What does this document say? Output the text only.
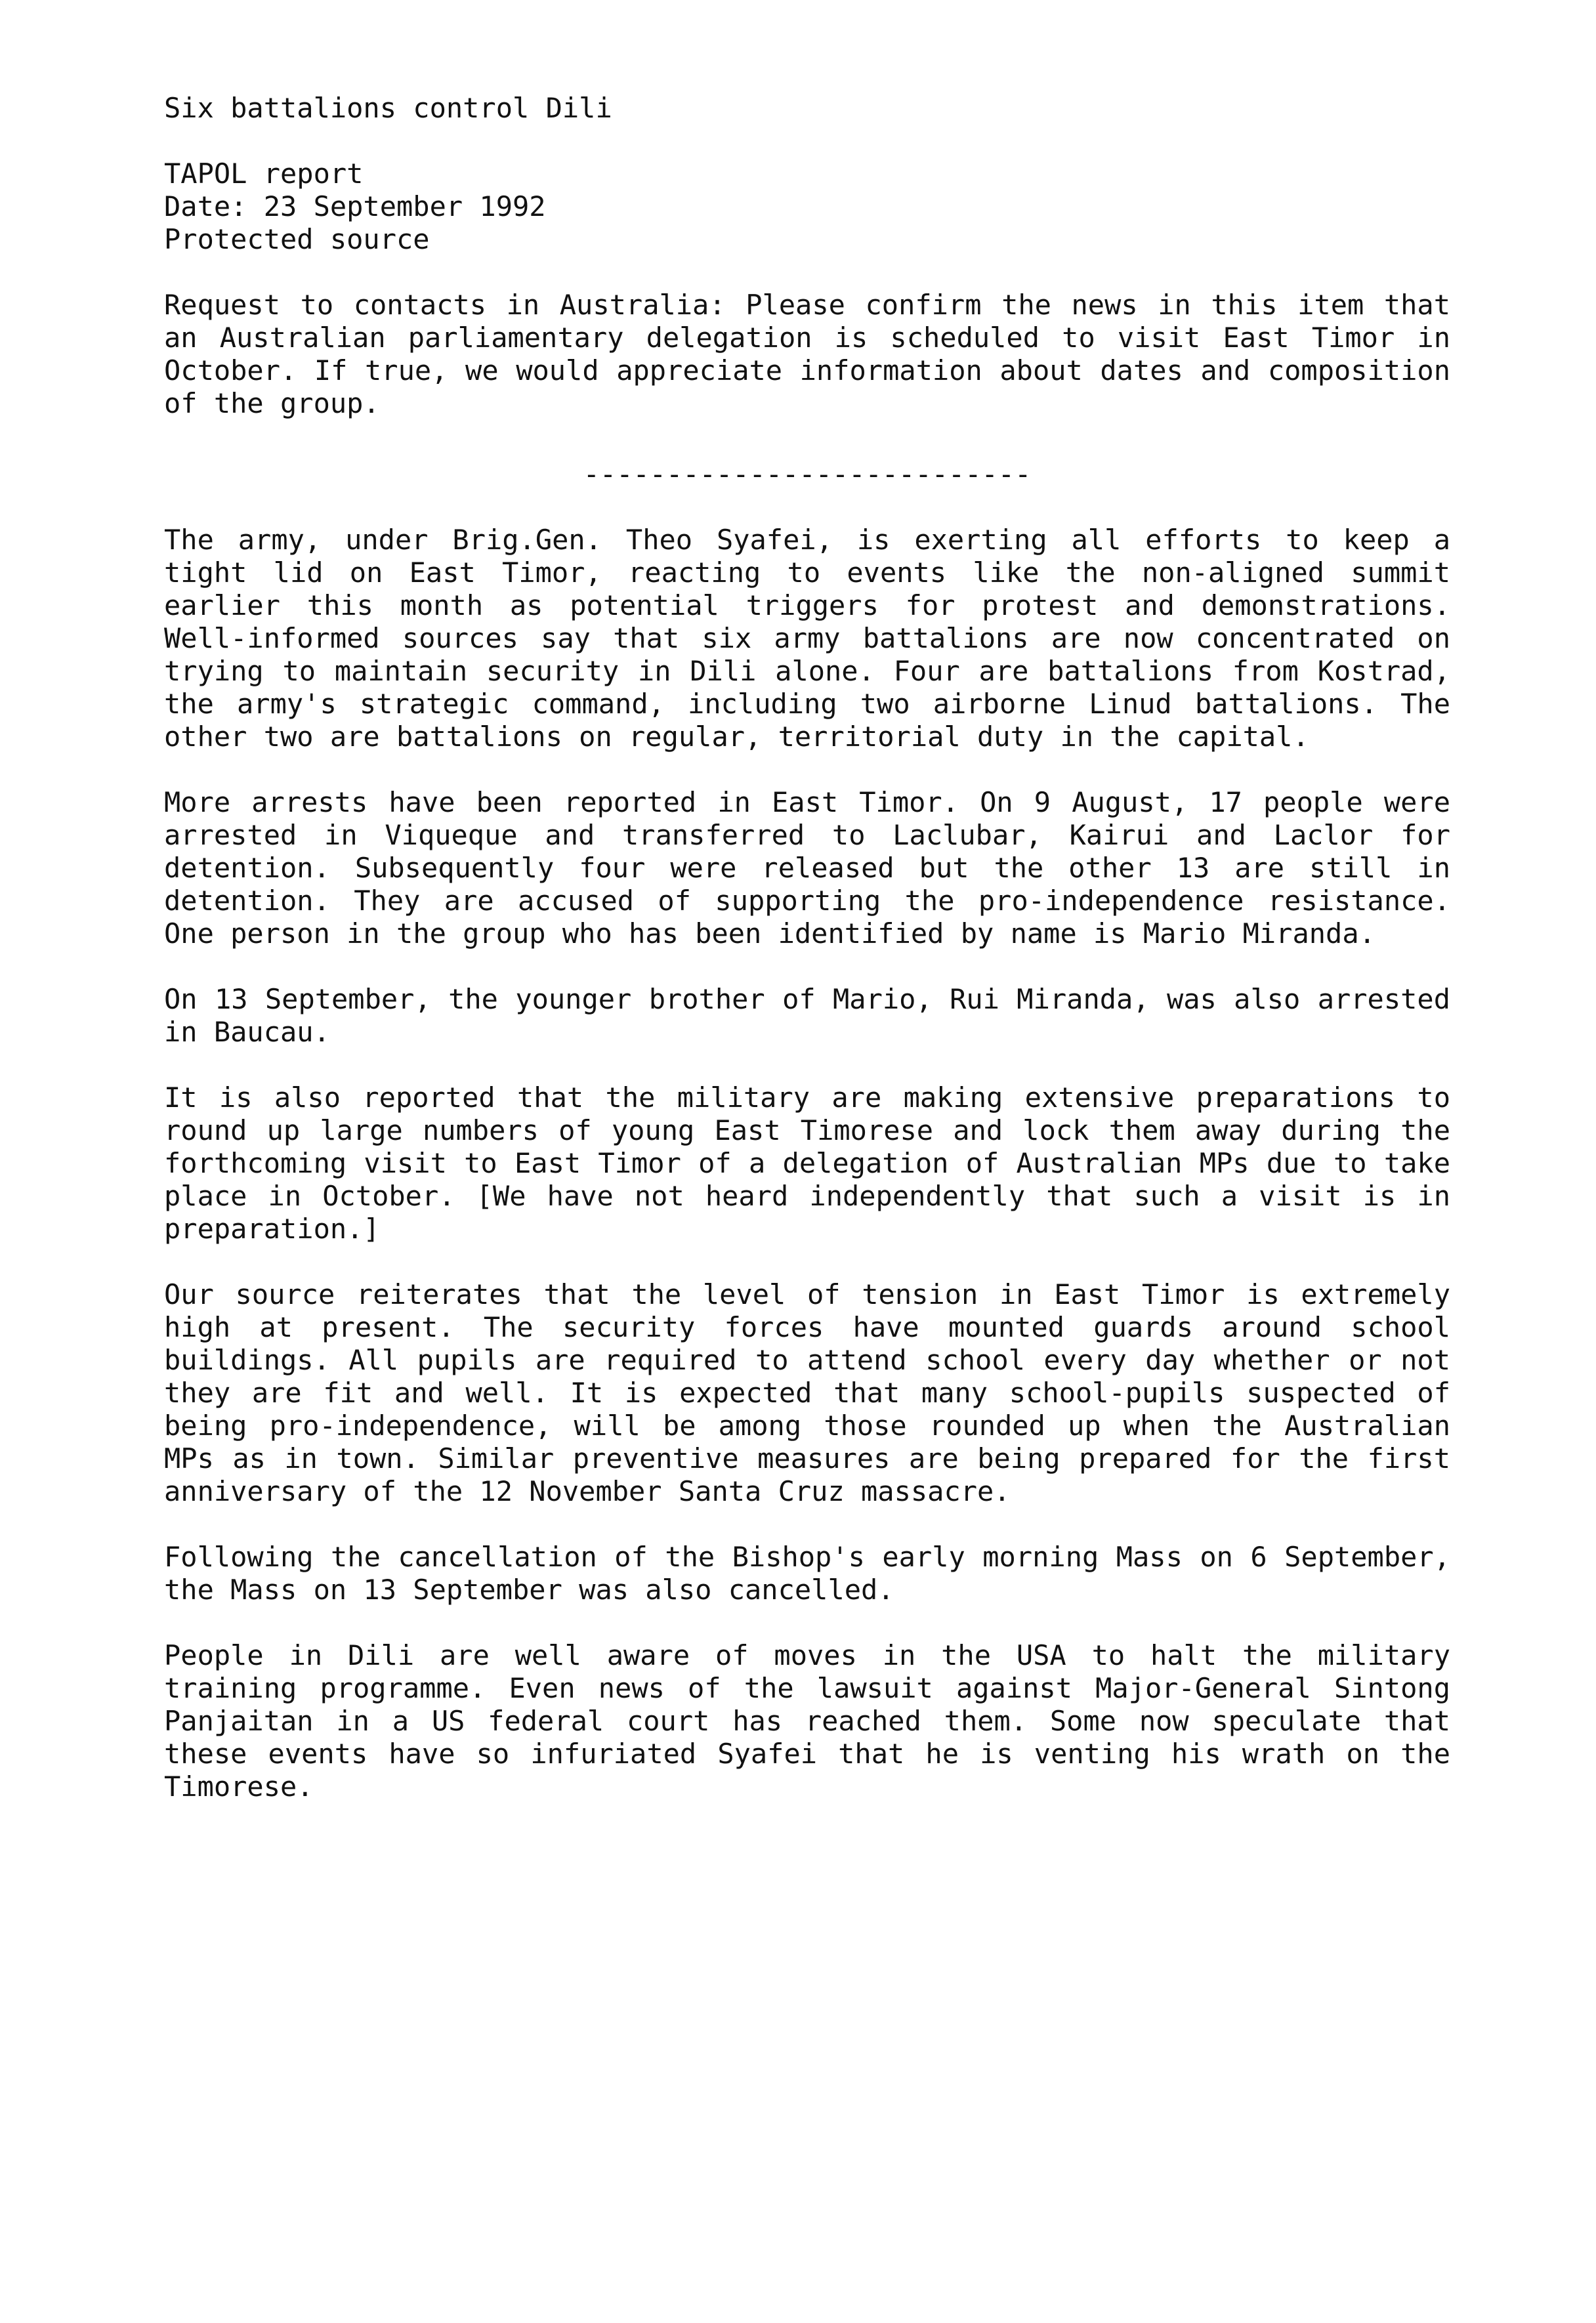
Six battalions control Dili
TAPOL report
Date: 23 September 1992
Protected source

Request to contacts in Australia: Please confirm the news in this item that an Australian parliamentary delegation is scheduled to visit East Timor in October. If true, we would appreciate information about dates and composition of the group.

---------------------------

The army, under Brig.Gen. Theo Syafei, is exerting all efforts to keep a tight lid on East Timor, reacting to events like the non-aligned summit earlier this month as potential triggers for protest and demonstrations. Well-informed sources say that six army battalions are now concentrated on trying to maintain security in Dili alone. Four are battalions from Kostrad, the army's strategic command, including two airborne Linud battalions. The other two are battalions on regular, territorial duty in the capital.

More arrests have been reported in East Timor. On 9 August, 17 people were arrested in Viqueque and transferred to Laclubar, Kairui and Laclor for detention. Subsequently four were released but the other 13 are still in detention. They are accused of supporting the pro-independence resistance. One person in the group who has been identified by name is Mario Miranda.

On 13 September, the younger brother of Mario, Rui Miranda, was also arrested in Baucau.

It is also reported that the military are making extensive preparations to round up large numbers of young East Timorese and lock them away during the forthcoming visit to East Timor of a delegation of Australian MPs due to take place in October. [We have not heard independently that such a visit is in preparation.]

Our source reiterates that the level of tension in East Timor is extremely high at present. The security forces have mounted guards around school buildings. All pupils are required to attend school every day whether or not they are fit and well. It is expected that many school-pupils suspected of being pro-independence, will be among those rounded up when the Australian MPs as in town. Similar preventive measures are being prepared for the first anniversary of the 12 November Santa Cruz massacre.

Following the cancellation of the Bishop's early morning Mass on 6 September, the Mass on 13 September was also cancelled.

People in Dili are well aware of moves in the USA to halt the military training programme. Even news of the lawsuit against Major-General Sintong Panjaitan in a US federal court has reached them. Some now speculate that these events have so infuriated Syafei that he is venting his wrath on the Timorese.
